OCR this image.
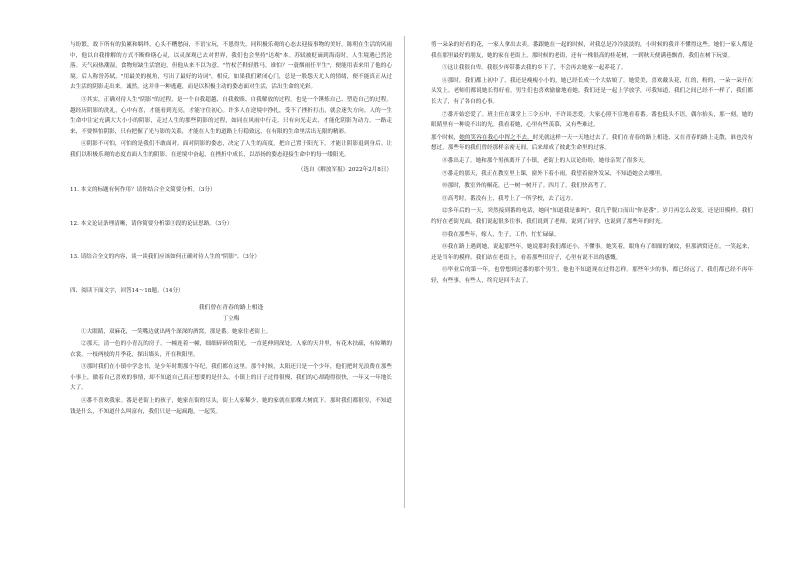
与纷繁，故下所有的负累和羁绊，心头不糟愁闷，不语宝玩，不恩得失，同积极乐观的心态去迎接事物的美好。陈明在生活的风雨中，他以自我排解的方式不断修缮心灵，以灵深观已去对世界，我们也会坚持"达观"本。苏轼被贬谪到海南时，人生境遇已然沦落。天气闷热潮湿，食物短缺生活窘迫，但他从来不以为意，"竹杖芒鞋轻胜马，谁怕？一蓑烟雨任平生"，便能用表来用了他的心境。后人称誉苏轼，"用最美的视角，写出了最好的诗词"，相反，如果我们紧闭心门，总是一股怨天尤人的情绪，便不能真正从过去生活的阴影走出来。诚然，这并非一种逃避，而是以积极主动的姿态面对生活，活出生命的光彩。

③其实，正确对待人生"阴影"的过程，是一个自我超越、自我救赎、自我解放的过程，也是一个锤炼自己、塑造自己的过程。越经历阴影的洗礼，心中有喜，才能看到光亮，才能守住初心。许多人在逆境中挣扎，受不了挫折打击，就会迷失方向。人的一生生命中注定充满大大小小的阴影，走过人生的那些阴影的过程，如同在风雨中行走，只有向光走去，才能化阴影为动力。一路走来，不要惧怕阴影，只有把握了光与影的关系，才能在人生的道路上行稳致远，在有限的生命里活出无限的精彩。

④阴影不可怕，可怕的是我们不敢面对。面对阴影的姿态，决定了人生的高度。把自己置于阳光下，才能让阴影退到身后。让我们以积极乐观的态度直面人生的阴影，在逆境中奋起，在挫折中成长，以昂扬的姿态迎接生命中的每一缕阳光。

（选自《解放军报》2022年2月8日）

11. 本文的标题有何作用？请你结合全文简要分析。（3分）

12. 本文论证条理清晰，请你简要分析第③段的论证思路。（3分）

13. 请结合全文的内容，谈一谈我们应该如何正确对待人生的"阴影"。（3分）

四、阅读下面文字，回答14～18题。（14分）

我们曾在青春的路上相逢

丁立梅

①大眼睛，双麻花，一笑嘴边就出两个深深的酒窝，那是番。她家住老街上。

②那天，清一色的小青瓦的房子，一幢连着一幢，细细碎碎的阳光，一直延伸到深处。人家的天井里，有花木扶疏，有晾晒的衣裳。一枝两枝的月季花，探出墙头，开在秋阳里。

③那时我们在小镇中学念书，是少年时期那个年纪，我们都在这里。那个时候，太阳还只是一个少年，他们把时光浪费在那些小事上，做着自己喜欢的事情，却不知道自己真正想要的是什么。小镇上的日子过得很慢，我们的心却跑得很快，一年又一年地长大了。

④番不喜欢我家。番是老街上的孩子，她家在街的尽头，街上人家稀少，她的家就在那棵大树底下。那时我们都很穷，不知道钱是什么，不知道什么叫富有，我们只是一起疯跑，一起笑。

剪一朵朵的好看的花，一家人拿出去卖。番跟她在一起的时候，对我总是冷冷淡淡的，小时候的我并不懂得这些。她们一家人都是我在那里最好的朋友，她的家在老街上，那时候的老街，还有一株很高的桂花树，一到秋天便满巷飘香，我们在树下玩耍。

⑤这让我很自卑。我很少再带番去我的乡下了，不会再去她家一起养花了。

⑥那时，我们都上初中了，我还是瘦瘦小小的，她已经长成一个大姑娘了。她爱美，喜欢戴头花，红的，粉的，一朵一朵开在头发上。老师们都说她长得好看，男生们也喜欢偷偷地看她。我们还是一起上学放学，可我知道，我们之间已经不一样了，我们都长大了，有了各自的心事。

⑦番开始恋爱了。班主任在课堂上三令五申，不许谈恋爱。大家心照不宣地看着番。番也低头不语，偶尔抬头，那一刻，她的眼睛里有一种说不出的光。我看着她，心里有些羡慕，又有些难过。

那个时候，她的笑容在我心中挥之不去。时光就这样一天一天地过去了，我们在青春的路上相逢，又在青春的路上走散，谁也没有想过，那些年的我们曾经那样亲密无间，后来却成了彼此生命里的过客。

⑧番出走了。她和那个男孩离开了小镇，老街上的人议论纷纷，她母亲哭了很多天。

⑨番走的那天，我正在教室里上课，窗外下着小雨，我望着窗外发呆，不知道她会去哪里。

⑩那时，教室外的桐花，已一树一树开了。四月了，我们快高考了。

⑪高考时，番没有上，我考上了一所学校，去了远方。

⑫多年后的一天，突然接到番的电话，她问"知道我是谁吗"，我几乎脱口而出"你是番"。岁月再怎么改变，还是旧模样。我们约好在老街见面，我们说起很多往事，我们说到了老师，说到了同学，也说到了那些年的时光。

⑬我在那些年，嫁人，生子，工作，忙忙碌碌。

⑭我在路上遇到她，说起那些年，她说那时我们都还小，不懂事。她笑着，眼角有了细细的皱纹，但那酒窝还在，一笑起来，还是当年的模样。我们站在老街上，看着那些旧房子，心里有说不出的感慨。

⑮毕业后的第一年，也曾想到过番的那个男生，他也不知道现在过得怎样。那些年少的事，都已经远了，我们都已经不再年轻，有些事，有些人，终究是回不去了。
